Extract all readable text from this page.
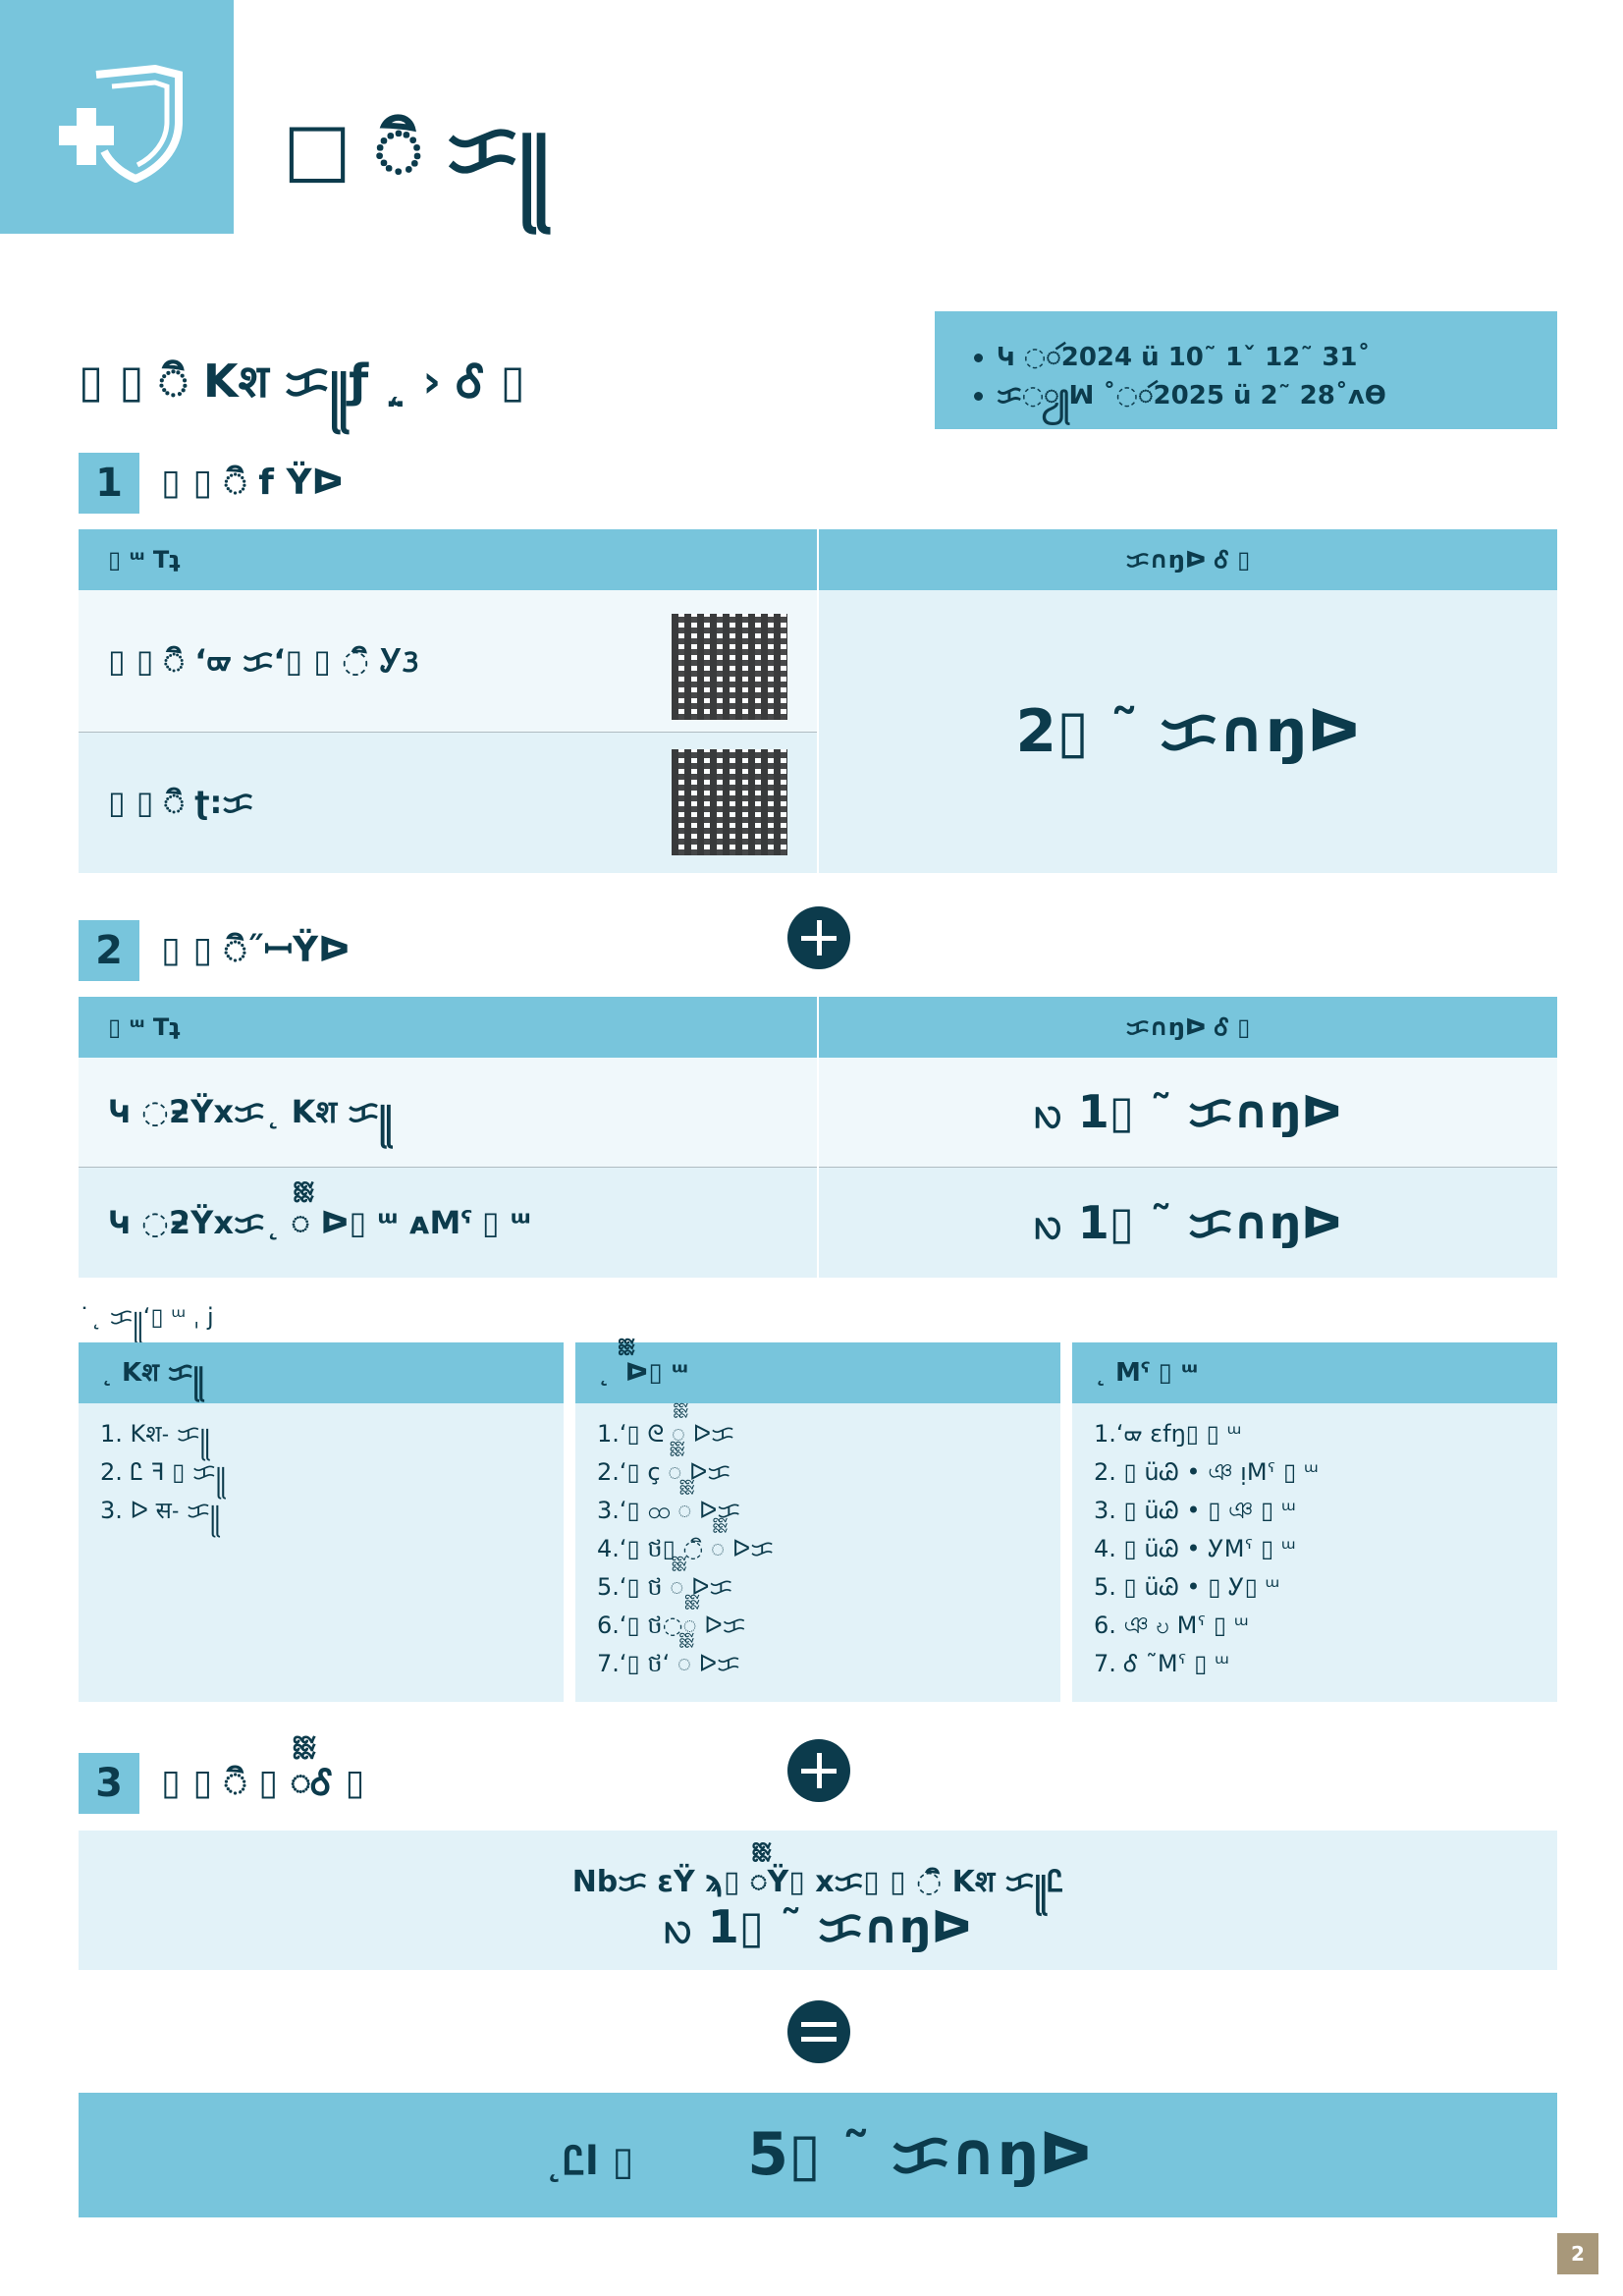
□ ◌ิ ᜃ꧋
▯ ▯ ◌ิ Kश ᜃ꧋ƒ ˛̤ › Ꮄ ▯	Կ ◌ꦂ2024 ü 10˜ 1ˇ 12˜ 31˚
ᜃ◌ꦾꟽ ˚◌ꦂ2025 ü 2˜ 28˚ʌϴ
1	▯ ▯ ◌ิ f Ÿᐅ
▯ ᵚ Tʇ	ᜃ∩ŋᐅ Ꮄ ▯
▯ ▯ ◌ิ ʻᢍ ᜃʻ▯ ▯ ◌ิ Ꭹᜂ
▯ ▯ ◌ิ ʈ:ᜃ
2▯ ˜ ᜃ∩ŋᐅ
2	▯ ▯ ◌ิ˝ꟷŸᐅ
▯ ᵚ Tʇ	ᜃ∩ŋᐅ Ꮄ ▯
Կ ◌ƻŸxᜃ˛ Kश ᜃ꧋	ꩳ 1▯ ˜ ᜃ∩ŋᐅ
Կ ◌ƻŸxᜃ˛ ᢆ ᐅ▯ ᵚ ᴀMˤ ▯ ᵚ	ꩳ 1▯ ˜ ᜃ∩ŋᐅ
˙˛ ᜃ꧋ʻ▯ ᵚ ˌ j
˛ Kश ᜃ꧋
1. Kश˗ ᜃ꧋
2. Ꮭ ꟻ ▯ ᜃ꧋
3. ᐅ स˗ ᜃ꧋
˛ ᢆ ᐅ▯ ᵚ
1.ʻ▯ ᘓ ᢆ ᐅᜃ
2.ʻ▯ ç ᢆ ᐅᜃ
3.ʻ▯ ထ ᢆ ᐅᜃ
4.ʻ▯ ថ▯ ◌ิ ᢆ ᐅᜃ
5.ʻ▯ ថ ᢆ ᐅᜃ
6.ʻ▯ ថ◌ᢆ ᐅᜃ
7.ʻ▯ ថʻ ᢆ ᐅᜃ
˛ Mˤ ▯ ᵚ
1.ʻᢍ ɛfŋ▯ ▯ ᵚ
2. ▯ üᏊ • ঞ ᴉMˤ ▯ ᵚ
3. ▯ üᏊ • ▯ ঞ ▯ ᵚ
4. ▯ üᏊ • ᎩMˤ ▯ ᵚ
5. ▯ üᏊ • ▯ Ꭹ▯ ᵚ
6. ঞ ဎ Mˤ ▯ ᵚ
7. Ꮄ ˜Mˤ ▯ ᵚ
3	▯ ▯ ◌ิ ▯ ᢆᎴ ▯
Nbᜃ ɛŸ ϡ▯ ᢆŸ▯ xᜃ▯ ▯ ◌ิ Kश ᜃ꧋Ꮭ
ꩳ 1▯ ˜ ᜃ∩ŋᐅ
˛Ꮭl ▯ 5▯ ˜ ᜃ∩ŋᐅ
2
